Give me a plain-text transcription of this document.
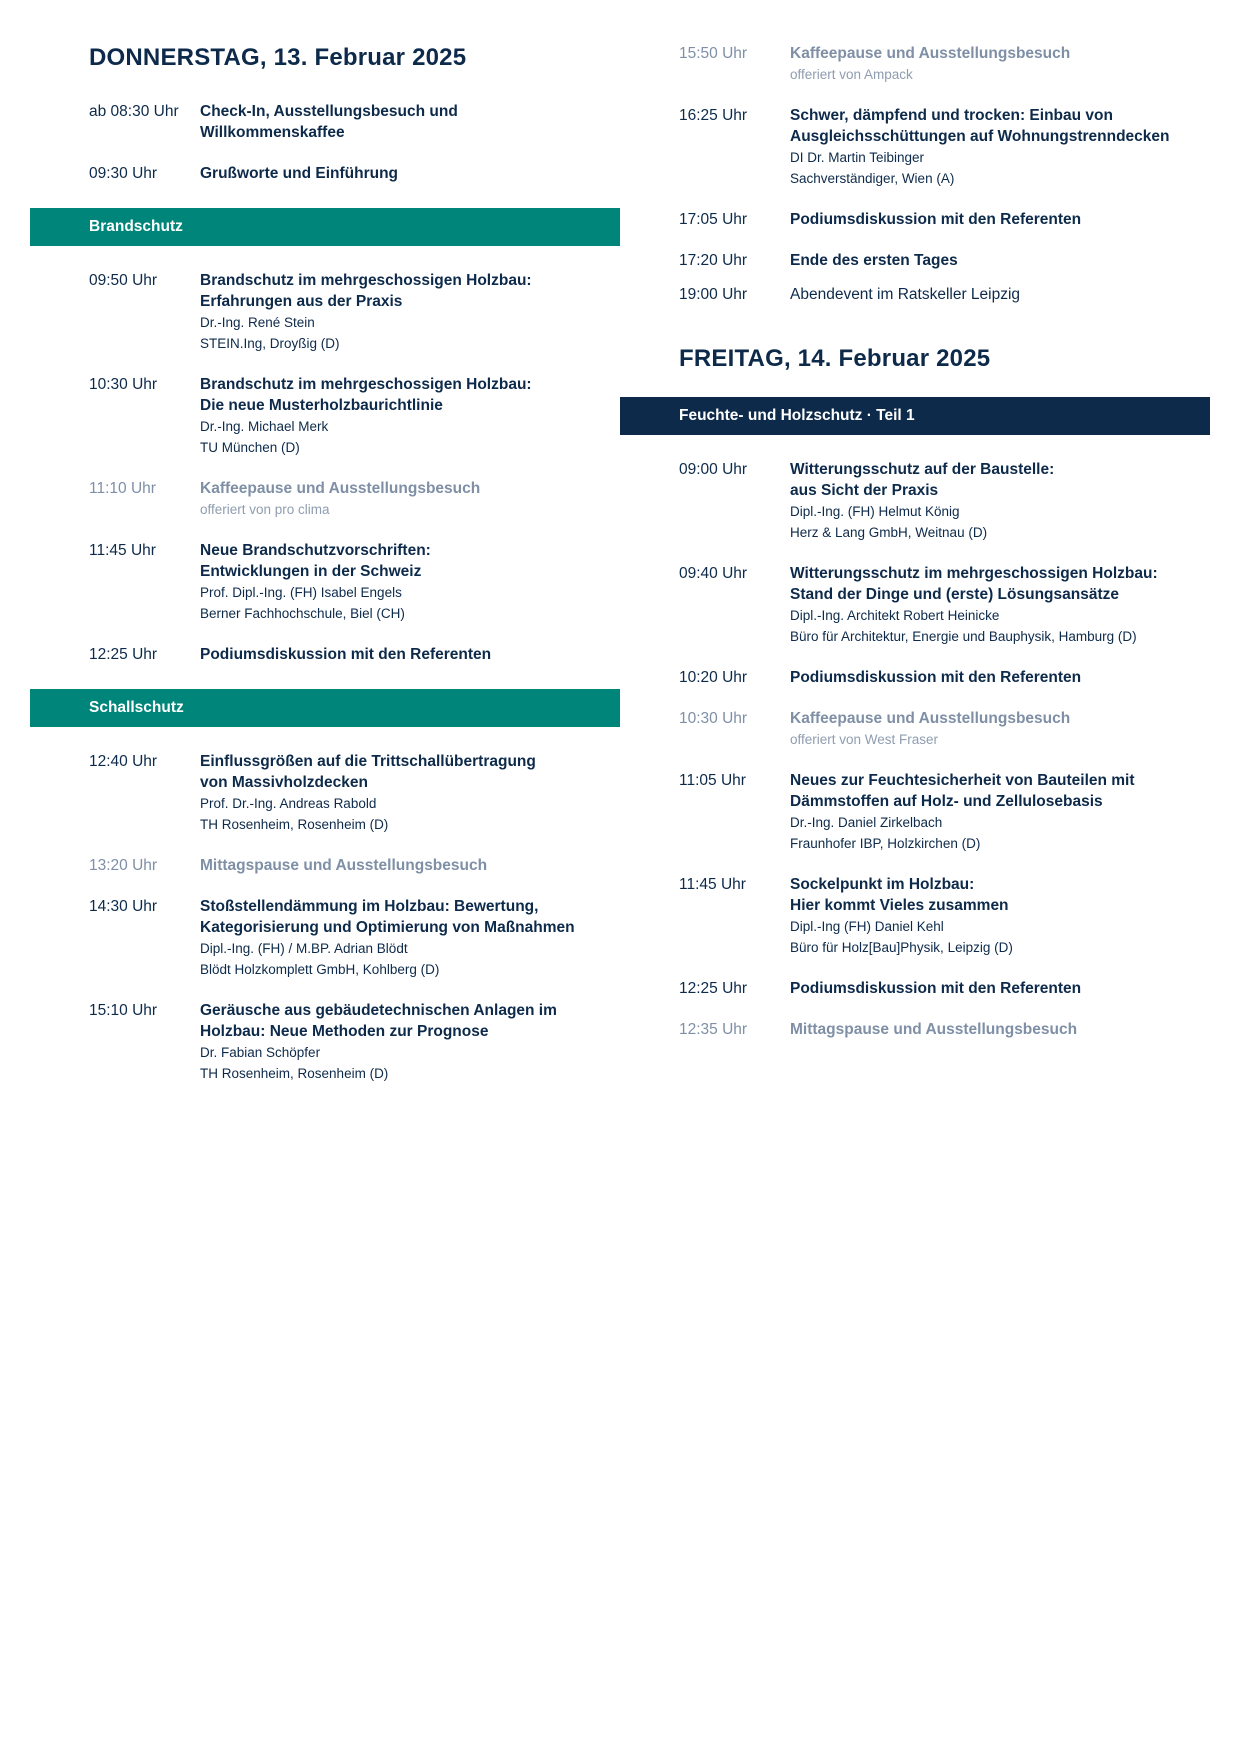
DONNERSTAG, 13. Februar 2025
ab 08:30 Uhr	Check-In, Ausstellungsbesuch und
Willkommenskaffee
09:30 Uhr	Grußworte und Einführung
Brandschutz
09:50 Uhr	Brandschutz im mehrgeschossigen Holzbau:
Erfahrungen aus der Praxis
Dr.-Ing. René Stein
STEIN.Ing, Droyßig (D)
10:30 Uhr	Brandschutz im mehrgeschossigen Holzbau:
Die neue Musterholzbaurichtlinie
Dr.-Ing. Michael Merk
TU München (D)
11:10 Uhr	Kaffeepause und Ausstellungsbesuch
offeriert von pro clima
11:45 Uhr	Neue Brandschutzvorschriften:
Entwicklungen in der Schweiz
Prof. Dipl.-Ing. (FH) Isabel Engels
Berner Fachhochschule, Biel (CH)
12:25 Uhr	Podiumsdiskussion mit den Referenten
Schallschutz
12:40 Uhr	Einflussgrößen auf die Trittschallübertragung
von Massivholzdecken
Prof. Dr.-Ing. Andreas Rabold
TH Rosenheim, Rosenheim (D)
13:20 Uhr	Mittagspause und Ausstellungsbesuch
14:30 Uhr	Stoßstellendämmung im Holzbau: Bewertung,
Kategorisierung und Optimierung von Maßnahmen
Dipl.-Ing. (FH) / M.BP. Adrian Blödt
Blödt Holzkomplett GmbH, Kohlberg (D)
15:10 Uhr	Geräusche aus gebäudetechnischen Anlagen im
Holzbau: Neue Methoden zur Prognose
Dr. Fabian Schöpfer
TH Rosenheim, Rosenheim (D)
15:50 Uhr	Kaffeepause und Ausstellungsbesuch
offeriert von Ampack
16:25 Uhr	Schwer, dämpfend und trocken: Einbau von
Ausgleichsschüttungen auf Wohnungstrenndecken
DI Dr. Martin Teibinger
Sachverständiger, Wien (A)
17:05 Uhr	Podiumsdiskussion mit den Referenten
17:20 Uhr	Ende des ersten Tages
19:00 Uhr	Abendevent im Ratskeller Leipzig
FREITAG, 14. Februar 2025
Feuchte- und Holzschutz · Teil 1
09:00 Uhr	Witterungsschutz auf der Baustelle:
aus Sicht der Praxis
Dipl.-Ing. (FH) Helmut König
Herz & Lang GmbH, Weitnau (D)
09:40 Uhr	Witterungsschutz im mehrgeschossigen Holzbau:
Stand der Dinge und (erste) Lösungsansätze
Dipl.-Ing. Architekt Robert Heinicke
Büro für Architektur, Energie und Bauphysik, Hamburg (D)
10:20 Uhr	Podiumsdiskussion mit den Referenten
10:30 Uhr	Kaffeepause und Ausstellungsbesuch
offeriert von West Fraser
11:05 Uhr	Neues zur Feuchtesicherheit von Bauteilen mit
Dämmstoffen auf Holz- und Zellulosebasis
Dr.-Ing. Daniel Zirkelbach
Fraunhofer IBP, Holzkirchen (D)
11:45 Uhr	Sockelpunkt im Holzbau:
Hier kommt Vieles zusammen
Dipl.-Ing (FH) Daniel Kehl
Büro für Holz[Bau]Physik, Leipzig (D)
12:25 Uhr	Podiumsdiskussion mit den Referenten
12:35 Uhr	Mittagspause und Ausstellungsbesuch
